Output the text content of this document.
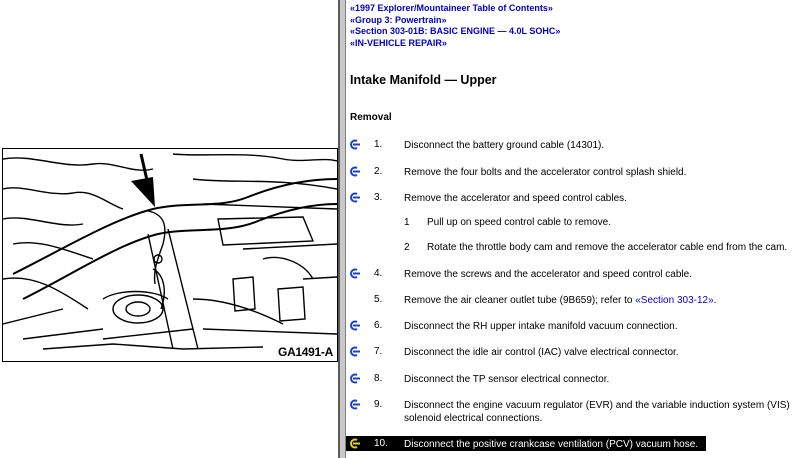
GA1491-A
«1997 Explorer/Mountaineer Table of Contents»
«Group 3: Powertrain»
«Section 303-01B: BASIC ENGINE — 4.0L SOHC»
«IN-VEHICLE REPAIR»
Intake Manifold — Upper
Removal
1. Disconnect the battery ground cable (14301).
2. Remove the four bolts and the accelerator control splash shield.
3. Remove the accelerator and speed control cables.
1 Pull up on speed control cable to remove.
2 Rotate the throttle body cam and remove the accelerator cable end from the cam.
4. Remove the screws and the accelerator and speed control cable.
5. Remove the air cleaner outlet tube (9B659); refer to «Section 303-12».
6. Disconnect the RH upper intake manifold vacuum connection.
7. Disconnect the idle air control (IAC) valve electrical connector.
8. Disconnect the TP sensor electrical connector.
9. Disconnect the engine vacuum regulator (EVR) and the variable induction system (VIS) solenoid electrical connections.
10. Disconnect the positive crankcase ventilation (PCV) vacuum hose.
